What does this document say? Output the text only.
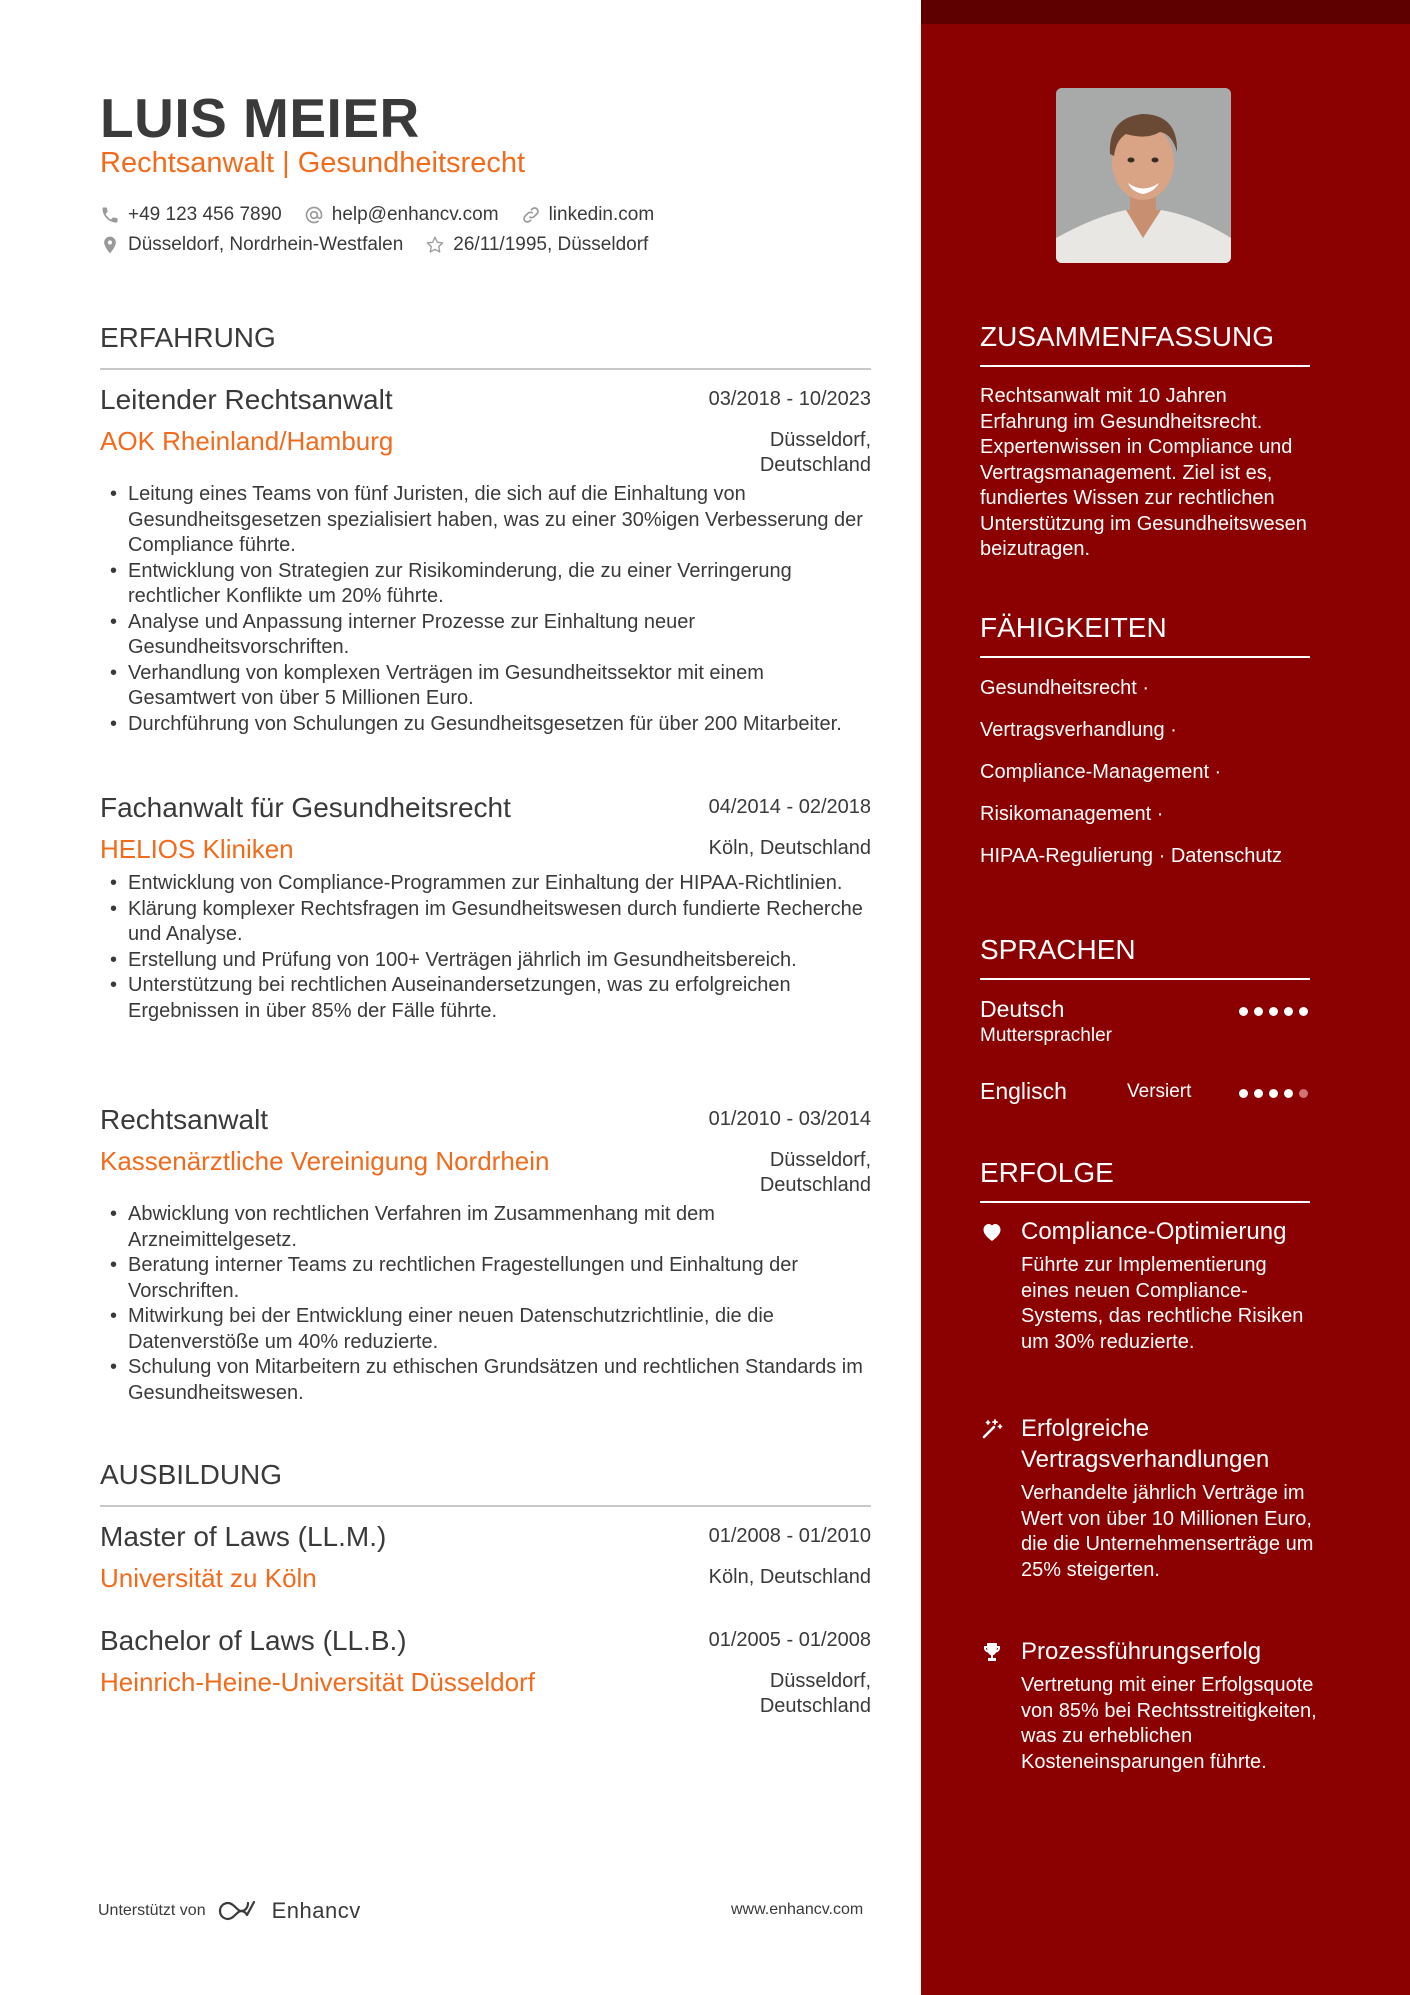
LUIS MEIER
Rechtsanwalt | Gesundheitsrecht
+49 123 456 7890	help@enhancv.com	linkedin.com
Düsseldorf, Nordrhein-Westfalen	26/11/1995, Düsseldorf
ERFAHRUNG
Leitender Rechtsanwalt	03/2018 - 10/2023
AOK Rheinland/Hamburg	Düsseldorf, Deutschland
• Leitung eines Teams von fünf Juristen, die sich auf die Einhaltung von Gesundheitsgesetzen spezialisiert haben, was zu einer 30%igen Verbesserung der Compliance führte.
• Entwicklung von Strategien zur Risikominderung, die zu einer Verringerung rechtlicher Konflikte um 20% führte.
• Analyse und Anpassung interner Prozesse zur Einhaltung neuer Gesundheitsvorschriften.
• Verhandlung von komplexen Verträgen im Gesundheitssektor mit einem Gesamtwert von über 5 Millionen Euro.
• Durchführung von Schulungen zu Gesundheitsgesetzen für über 200 Mitarbeiter.
Fachanwalt für Gesundheitsrecht	04/2014 - 02/2018
HELIOS Kliniken	Köln, Deutschland
• Entwicklung von Compliance-Programmen zur Einhaltung der HIPAA-Richtlinien.
• Klärung komplexer Rechtsfragen im Gesundheitswesen durch fundierte Recherche und Analyse.
• Erstellung und Prüfung von 100+ Verträgen jährlich im Gesundheitsbereich.
• Unterstützung bei rechtlichen Auseinandersetzungen, was zu erfolgreichen Ergebnissen in über 85% der Fälle führte.
Rechtsanwalt	01/2010 - 03/2014
Kassenärztliche Vereinigung Nordrhein	Düsseldorf, Deutschland
• Abwicklung von rechtlichen Verfahren im Zusammenhang mit dem Arzneimittelgesetz.
• Beratung interner Teams zu rechtlichen Fragestellungen und Einhaltung der Vorschriften.
• Mitwirkung bei der Entwicklung einer neuen Datenschutzrichtlinie, die die Datenverstöße um 40% reduzierte.
• Schulung von Mitarbeitern zu ethischen Grundsätzen und rechtlichen Standards im Gesundheitswesen.
AUSBILDUNG
Master of Laws (LL.M.)	01/2008 - 01/2010
Universität zu Köln	Köln, Deutschland
Bachelor of Laws (LL.B.)	01/2005 - 01/2008
Heinrich-Heine-Universität Düsseldorf	Düsseldorf, Deutschland
Unterstützt von	Enhancv	www.enhancv.com
ZUSAMMENFASSUNG
Rechtsanwalt mit 10 Jahren Erfahrung im Gesundheitsrecht. Expertenwissen in Compliance und Vertragsmanagement. Ziel ist es, fundiertes Wissen zur rechtlichen Unterstützung im Gesundheitswesen beizutragen.
FÄHIGKEITEN
Gesundheitsrecht ·
Vertragsverhandlung ·
Compliance-Management ·
Risikomanagement ·
HIPAA-Regulierung · Datenschutz
SPRACHEN
Deutsch
Muttersprachler
Englisch	Versiert
ERFOLGE
Compliance-Optimierung
Führte zur Implementierung eines neuen Compliance-Systems, das rechtliche Risiken um 30% reduzierte.
Erfolgreiche Vertragsverhandlungen
Verhandelte jährlich Verträge im Wert von über 10 Millionen Euro, die die Unternehmenserträge um 25% steigerten.
Prozessführungserfolg
Vertretung mit einer Erfolgsquote von 85% bei Rechtsstreitigkeiten, was zu erheblichen Kosteneinsparungen führte.
